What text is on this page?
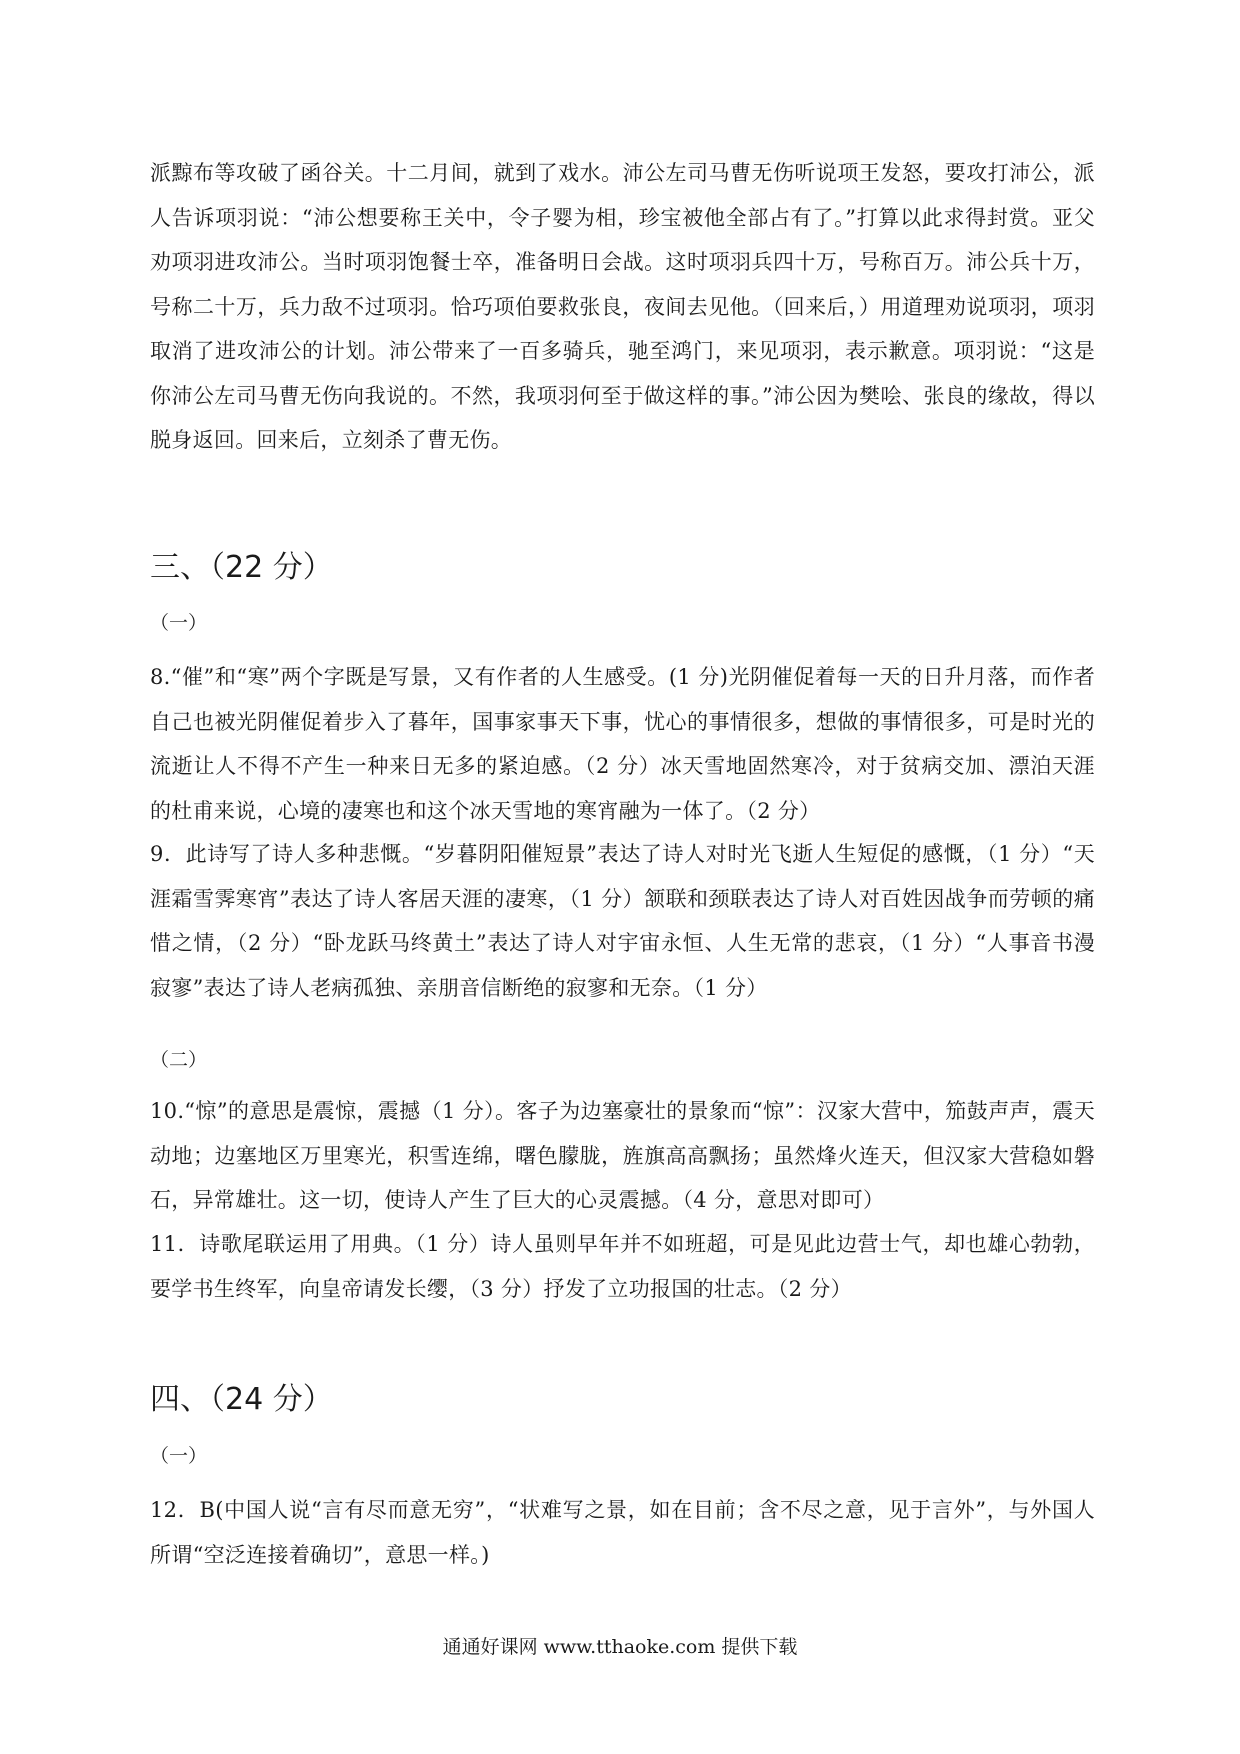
派黥布等攻破了函谷关。十二月间，就到了戏水。沛公左司马曹无伤听说项王发怒，要攻打沛公，派人告诉项羽说：“沛公想要称王关中，令子婴为相，珍宝被他全部占有了。”打算以此求得封赏。亚父劝项羽进攻沛公。当时项羽饱餐士卒，准备明日会战。这时项羽兵四十万，号称百万。沛公兵十万，号称二十万，兵力敌不过项羽。恰巧项伯要救张良，夜间去见他。（回来后，）用道理劝说项羽，项羽取消了进攻沛公的计划。沛公带来了一百多骑兵，驰至鸿门，来见项羽，表示歉意。项羽说：“这是你沛公左司马曹无伤向我说的。不然，我项羽何至于做这样的事。”沛公因为樊哙、张良的缘故，得以脱身返回。回来后，立刻杀了曹无伤。

三、（22 分）
（一）

8.“催”和“寒”两个字既是写景，又有作者的人生感受。(1 分)光阴催促着每一天的日升月落，而作者自己也被光阴催促着步入了暮年，国事家事天下事，忧心的事情很多，想做的事情很多，可是时光的流逝让人不得不产生一种来日无多的紧迫感。（2 分）冰天雪地固然寒冷，对于贫病交加、漂泊天涯的杜甫来说，心境的凄寒也和这个冰天雪地的寒宵融为一体了。（2 分）

9．此诗写了诗人多种悲慨。“岁暮阴阳催短景”表达了诗人对时光飞逝人生短促的感慨，（1 分）“天涯霜雪霁寒宵”表达了诗人客居天涯的凄寒，（1 分）颔联和颈联表达了诗人对百姓因战争而劳顿的痛惜之情，（2 分）“卧龙跃马终黄土”表达了诗人对宇宙永恒、人生无常的悲哀，（1 分）“人事音书漫寂寥”表达了诗人老病孤独、亲朋音信断绝的寂寥和无奈。（1 分）

（二）

10.“惊”的意思是震惊，震撼（1 分）。客子为边塞豪壮的景象而“惊”：汉家大营中，笳鼓声声，震天动地；边塞地区万里寒光，积雪连绵，曙色朦胧，旌旗高高飘扬；虽然烽火连天，但汉家大营稳如磐石，异常雄壮。这一切，使诗人产生了巨大的心灵震撼。（4 分，意思对即可）

11．诗歌尾联运用了用典。（1 分）诗人虽则早年并不如班超，可是见此边营士气，却也雄心勃勃，要学书生终军，向皇帝请发长缨，（3 分）抒发了立功报国的壮志。（2 分）

四、（24 分）
（一）

12．B(中国人说“言有尽而意无穷”，“状难写之景，如在目前；含不尽之意，见于言外”，与外国人所谓“空泛连接着确切”，意思一样。)

通通好课网 www.tthaoke.com 提供下载
